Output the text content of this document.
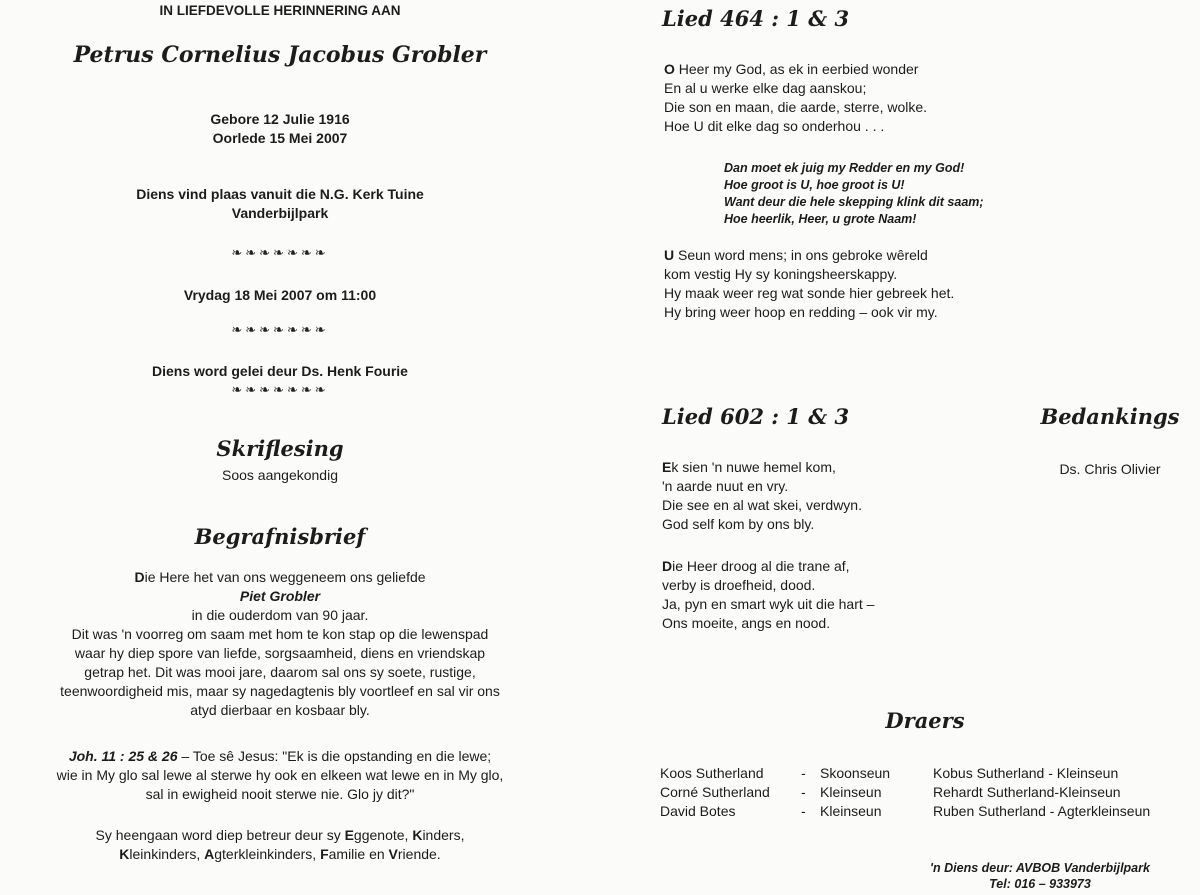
IN LIEFDEVOLLE HERINNERING AAN
Petrus Cornelius Jacobus Grobler
Gebore 12 Julie 1916
Oorlede 15 Mei 2007
Diens vind plaas vanuit die N.G. Kerk Tuine
Vanderbijlpark
❧❧❧❧❧❧❧
Vrydag 18 Mei 2007 om 11:00
❧❧❧❧❧❧❧
Diens word gelei deur Ds. Henk Fourie
❧❧❧❧❧❧❧
Skriflesing
Soos aangekondig
Begrafnisbrief
Die Here het van ons weggeneem ons geliefde
Piet Grobler
in die ouderdom van 90 jaar.
Dit was 'n voorreg om saam met hom te kon stap op die lewenspad
waar hy diep spore van liefde, sorgsaamheid, diens en vriendskap
getrap het. Dit was mooi jare, daarom sal ons sy soete, rustige,
teenwoordigheid mis, maar sy nagedagtenis bly voortleef en sal vir ons
atyd dierbaar en kosbaar bly.
Joh. 11 : 25 & 26 – Toe sê Jesus: "Ek is die opstanding en die lewe;
wie in My glo sal lewe al sterwe hy ook en elkeen wat lewe en in My glo,
sal in ewigheid nooit sterwe nie. Glo jy dit?"
Sy heengaan word diep betreur deur sy Eggenote, Kinders,
Kleinkinders, Agterkleinkinders, Familie en Vriende.
Lied 464 : 1 & 3
O Heer my God, as ek in eerbied wonder
En al u werke elke dag aanskou;
Die son en maan, die aarde, sterre, wolke.
Hoe U dit elke dag so onderhou . . .
Dan moet ek juig my Redder en my God!
Hoe groot is U, hoe groot is U!
Want deur die hele skepping klink dit saam;
Hoe heerlik, Heer, u grote Naam!
U Seun word mens; in ons gebroke wêreld
kom vestig Hy sy koningsheerskappy.
Hy maak weer reg wat sonde hier gebreek het.
Hy bring weer hoop en redding – ook vir my.
Lied 602 : 1 & 3
Ek sien 'n nuwe hemel kom,
'n aarde nuut en vry.
Die see en al wat skei, verdwyn.
God self kom by ons bly.
Die Heer droog al die trane af,
verby is droefheid, dood.
Ja, pyn en smart wyk uit die hart –
Ons moeite, angs en nood.
Bedankings
Ds. Chris Olivier
Draers
Koos Sutherland	- Skoonseun
Corné Sutherland - Kleinseun
David Botes	- Kleinseun
Kobus Sutherland - Kleinseun
Rehardt Sutherland-Kleinseun
Ruben Sutherland - Agterkleinseun
'n Diens deur: AVBOB Vanderbijlpark
Tel: 016 – 933973
